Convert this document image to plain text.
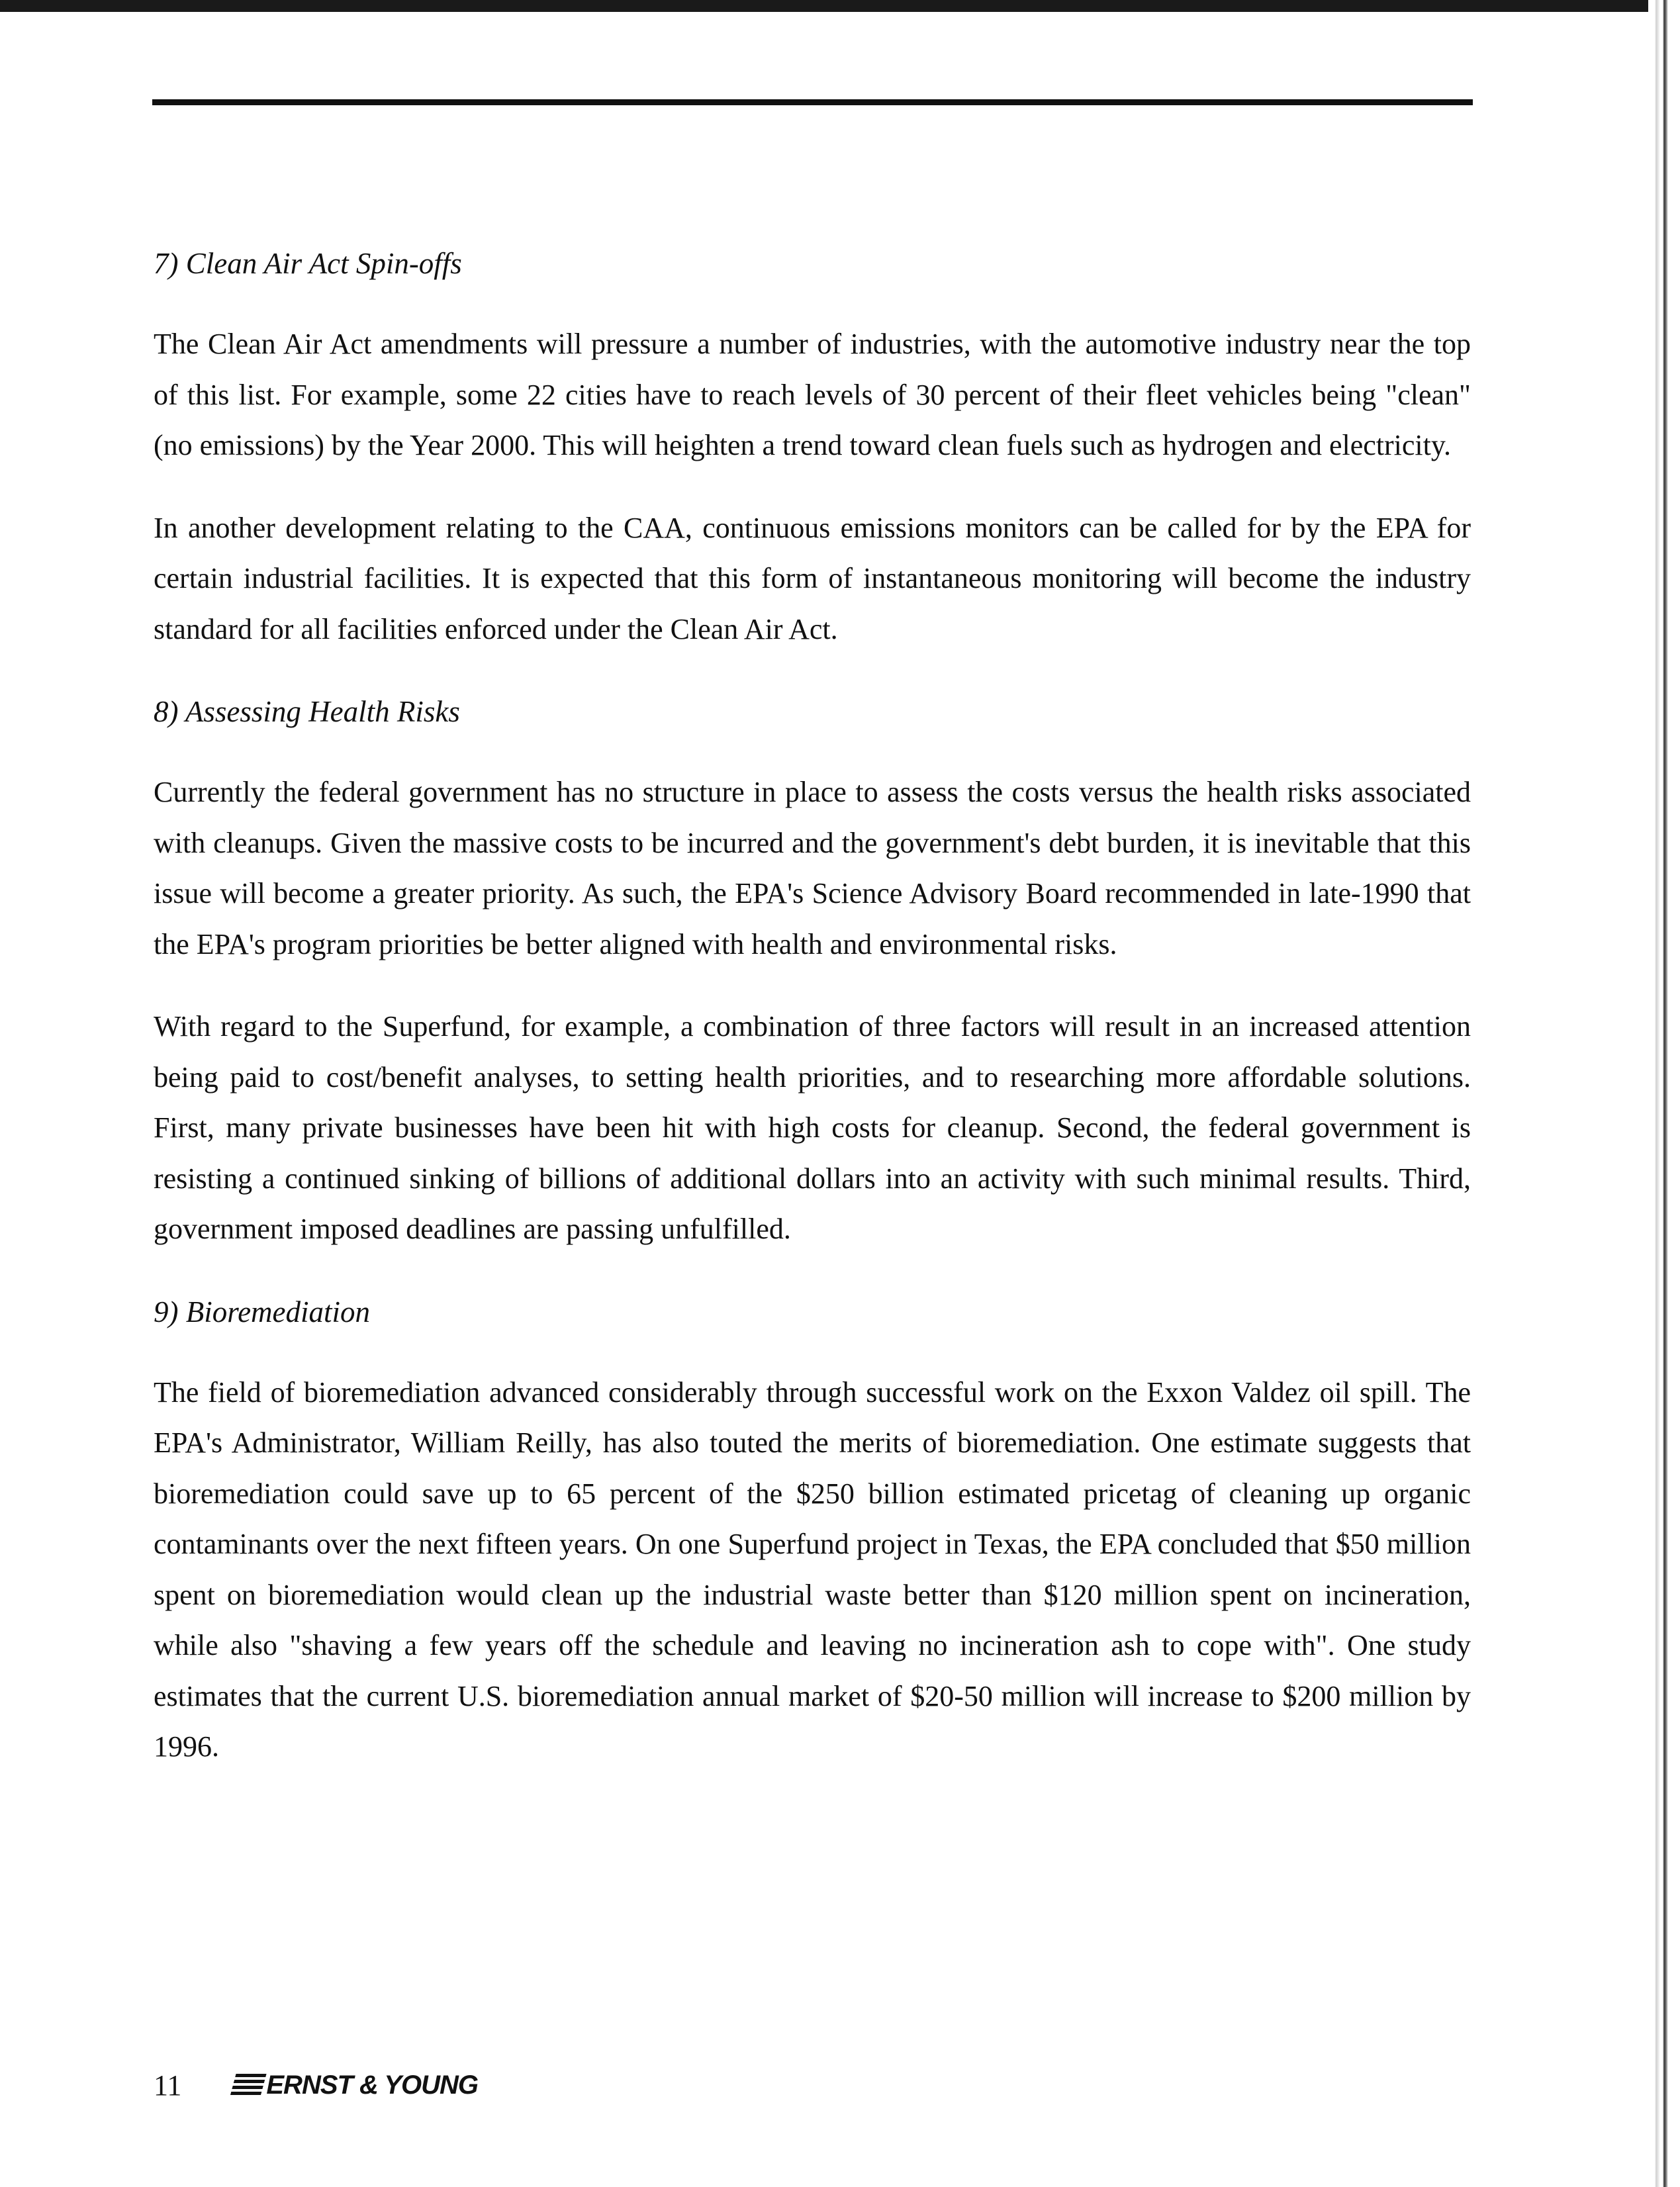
7) Clean Air Act Spin-offs

The Clean Air Act amendments will pressure a number of industries, with the automotive industry near the top of this list. For example, some 22 cities have to reach levels of 30 percent of their fleet vehicles being "clean" (no emissions) by the Year 2000. This will heighten a trend toward clean fuels such as hydrogen and electricity.

In another development relating to the CAA, continuous emissions monitors can be called for by the EPA for certain industrial facilities. It is expected that this form of instantaneous monitoring will become the industry standard for all facilities enforced under the Clean Air Act.

8) Assessing Health Risks

Currently the federal government has no structure in place to assess the costs versus the health risks associated with cleanups. Given the massive costs to be incurred and the government's debt burden, it is inevitable that this issue will become a greater priority. As such, the EPA's Science Advisory Board recommended in late-1990 that the EPA's program priorities be better aligned with health and environmental risks.

With regard to the Superfund, for example, a combination of three factors will result in an increased attention being paid to cost/benefit analyses, to setting health priorities, and to researching more affordable solutions. First, many private businesses have been hit with high costs for cleanup. Second, the federal government is resisting a continued sinking of billions of additional dollars into an activity with such minimal results. Third, government imposed deadlines are passing unfulfilled.

9) Bioremediation

The field of bioremediation advanced considerably through successful work on the Exxon Valdez oil spill. The EPA's Administrator, William Reilly, has also touted the merits of bioremediation. One estimate suggests that bioremediation could save up to 65 percent of the $250 billion estimated pricetag of cleaning up organic contaminants over the next fifteen years. On one Superfund project in Texas, the EPA concluded that $50 million spent on bioremediation would clean up the industrial waste better than $120 million spent on incineration, while also "shaving a few years off the schedule and leaving no incineration ash to cope with". One study estimates that the current U.S. bioremediation annual market of $20-50 million will increase to $200 million by 1996.

11	ERNST & YOUNG
